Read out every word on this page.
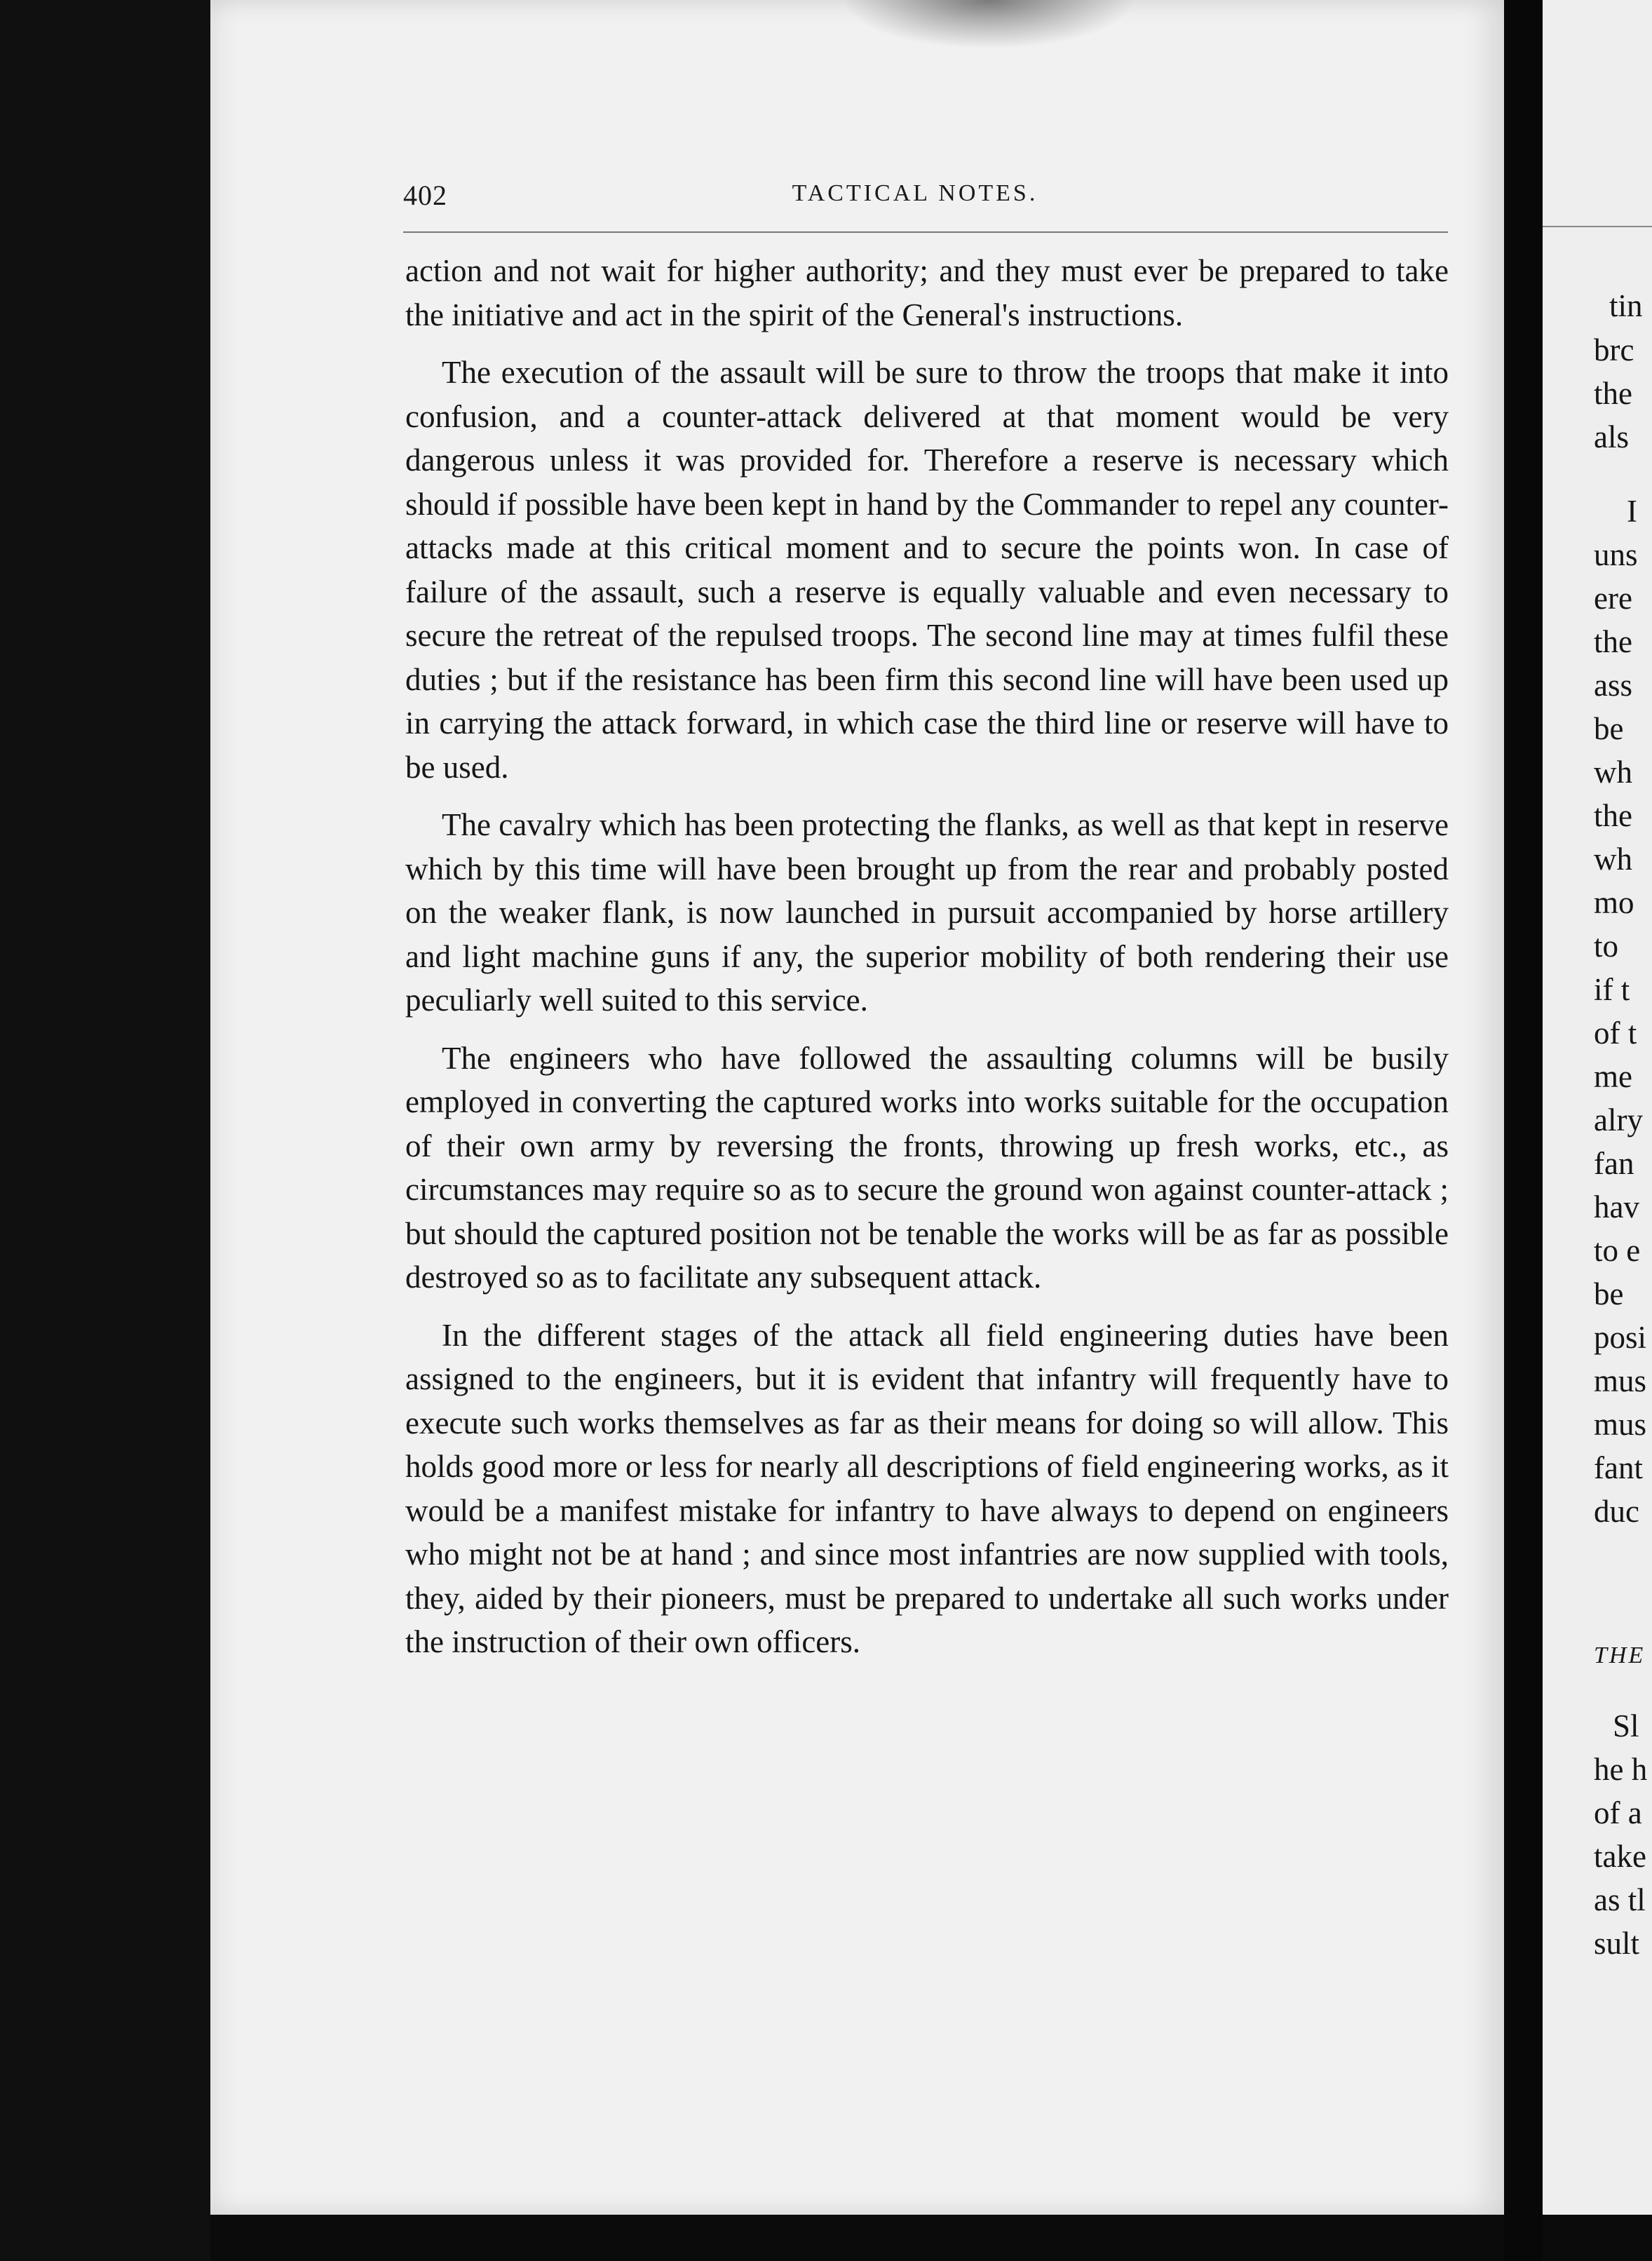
402	TACTICAL NOTES.

action and not wait for higher authority; and they must ever be prepared to take the initiative and act in the spirit of the General's instructions.

The execution of the assault will be sure to throw the troops that make it into confusion, and a counter-attack delivered at that moment would be very dangerous unless it was provided for. Therefore a reserve is necessary which should if possible have been kept in hand by the Commander to repel any counter-attacks made at this critical moment and to secure the points won. In case of failure of the assault, such a reserve is equally valuable and even necessary to secure the retreat of the repulsed troops. The second line may at times fulfil these duties ; but if the resistance has been firm this second line will have been used up in carrying the attack forward, in which case the third line or reserve will have to be used.

The cavalry which has been protecting the flanks, as well as that kept in reserve which by this time will have been brought up from the rear and probably posted on the weaker flank, is now launched in pursuit accompanied by horse artillery and light machine guns if any, the superior mobility of both rendering their use peculiarly well suited to this service.

The engineers who have followed the assaulting columns will be busily employed in converting the captured works into works suitable for the occupation of their own army by reversing the fronts, throwing up fresh works, etc., as circumstances may require so as to secure the ground won against counter-attack ; but should the captured position not be tenable the works will be as far as possible destroyed so as to facilitate any subsequent attack.

In the different stages of the attack all field engineering duties have been assigned to the engineers, but it is evident that infantry will frequently have to execute such works themselves as far as their means for doing so will allow. This holds good more or less for nearly all descriptions of field engineering works, as it would be a manifest mistake for infantry to have always to depend on engineers who might not be at hand ; and since most infantries are now supplied with tools, they, aided by their pioneers, must be prepared to undertake all such works under the instruction of their own officers.

tin
brc
the
als
I
uns
ere
the
ass
be
wh
the
wh
mo
to
if t
of t
me
alry
fan
hav
to e
be
posi
mus
mus
fant
duc
THE
Sl
he h
of a
take
as tl
sult
